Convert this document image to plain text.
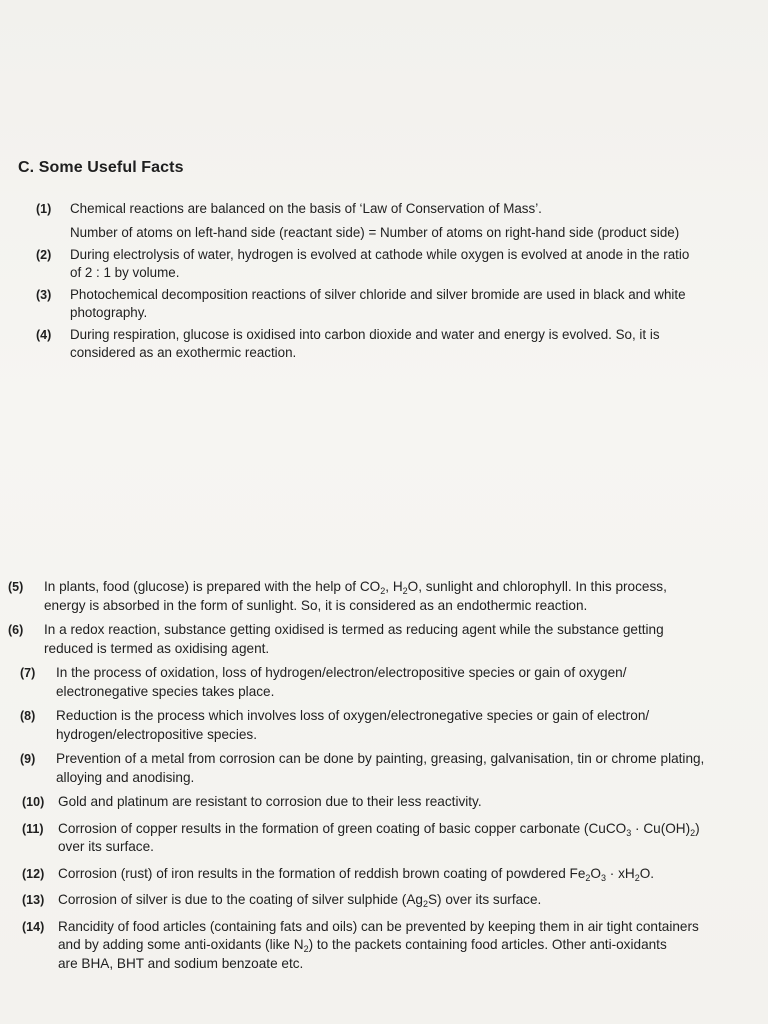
C. Some Useful Facts
(1)	Chemical reactions are balanced on the basis of ‘Law of Conservation of Mass’.
Number of atoms on left-hand side (reactant side) = Number of atoms on right-hand side (product side)
(2)	During electrolysis of water, hydrogen is evolved at cathode while oxygen is evolved at anode in the ratio
of 2 : 1 by volume.
(3)	Photochemical decomposition reactions of silver chloride and silver bromide are used in black and white
photography.
(4)	During respiration, glucose is oxidised into carbon dioxide and water and energy is evolved. So, it is
considered as an exothermic reaction.
(5)	In plants, food (glucose) is prepared with the help of $CO_2$, $H_2O$, sunlight and chlorophyll. In this process,
energy is absorbed in the form of sunlight. So, it is considered as an endothermic reaction.
(6)	In a redox reaction, substance getting oxidised is termed as reducing agent while the substance getting
reduced is termed as oxidising agent.
(7)	In the process of oxidation, loss of hydrogen/electron/electropositive species or gain of oxygen/
electronegative species takes place.
(8)	Reduction is the process which involves loss of oxygen/electronegative species or gain of electron/
hydrogen/electropositive species.
(9)	Prevention of a metal from corrosion can be done by painting, greasing, galvanisation, tin or chrome plating,
alloying and anodising.
(10)	Gold and platinum are resistant to corrosion due to their less reactivity.
(11)	Corrosion of copper results in the formation of green coating of basic copper carbonate (CuCO$_3$ · $Cu(OH)_2$)
over its surface.
(12)	Corrosion (rust) of iron results in the formation of reddish brown coating of powdered $Fe_2O_3 \cdot xH_2O$.
(13)	Corrosion of silver is due to the coating of silver sulphide $(Ag_2S)$ over its surface.
(14)	Rancidity of food articles (containing fats and oils) can be prevented by keeping them in air tight containers
and by adding some anti-oxidants (like $N_2$) to the packets containing food articles. Other anti-oxidants
are BHA, BHT and sodium benzoate etc.
